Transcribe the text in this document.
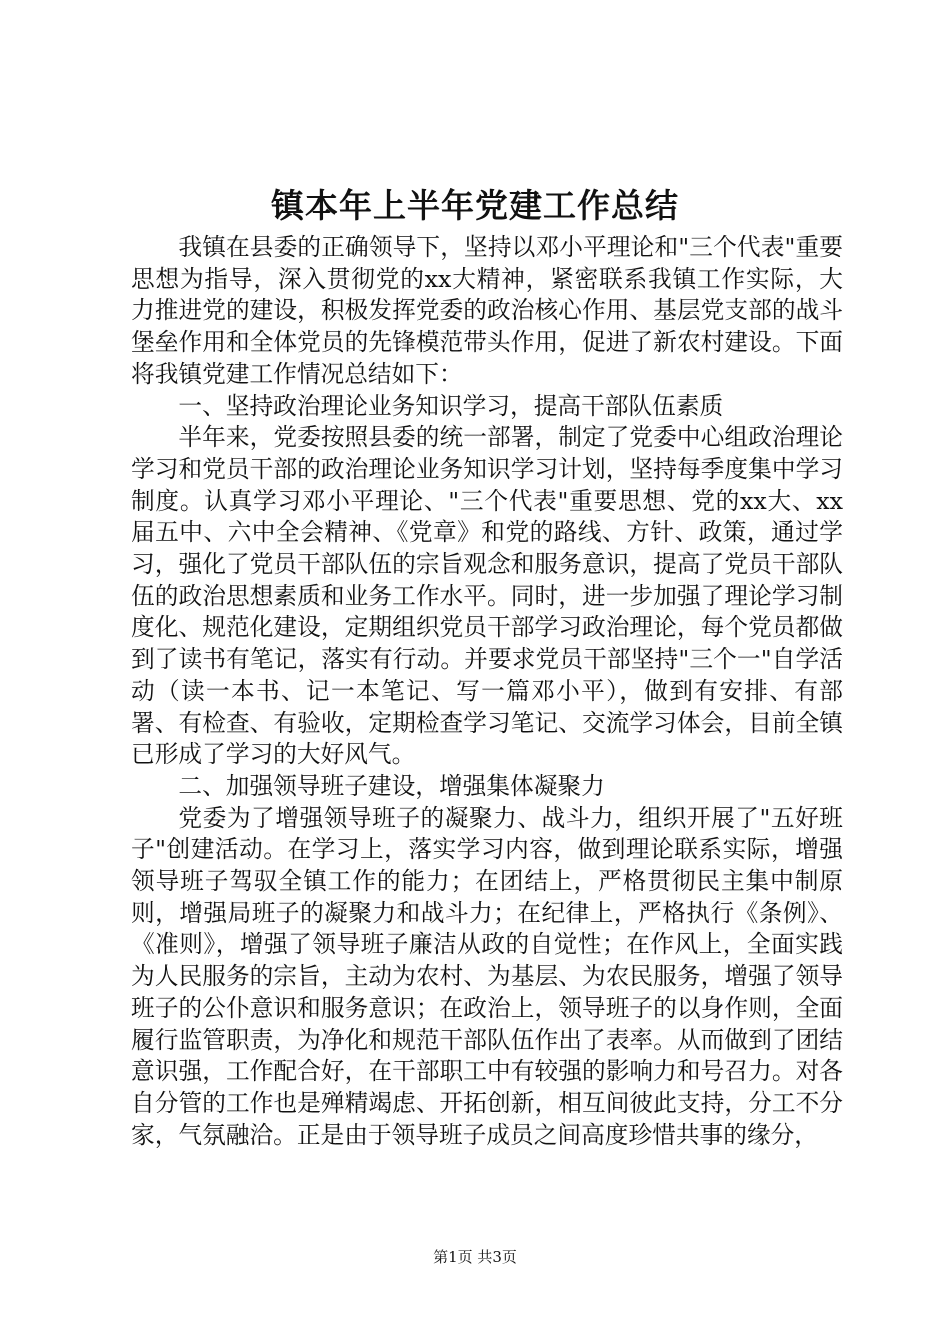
镇本年上半年党建工作总结

我镇在县委的正确领导下，坚持以邓小平理论和"三个代表"重要思想为指导，深入贯彻党的xx大精神，紧密联系我镇工作实际，大力推进党的建设，积极发挥党委的政治核心作用、基层党支部的战斗堡垒作用和全体党员的先锋模范带头作用，促进了新农村建设。下面将我镇党建工作情况总结如下：

一、坚持政治理论业务知识学习，提高干部队伍素质

半年来，党委按照县委的统一部署，制定了党委中心组政治理论学习和党员干部的政治理论业务知识学习计划，坚持每季度集中学习制度。认真学习邓小平理论、"三个代表"重要思想、党的xx大、xx届五中、六中全会精神、《党章》和党的路线、方针、政策，通过学习，强化了党员干部队伍的宗旨观念和服务意识，提高了党员干部队伍的政治思想素质和业务工作水平。同时，进一步加强了理论学习制度化、规范化建设，定期组织党员干部学习政治理论，每个党员都做到了读书有笔记，落实有行动。并要求党员干部坚持"三个一"自学活动（读一本书、记一本笔记、写一篇邓小平），做到有安排、有部署、有检查、有验收，定期检查学习笔记、交流学习体会，目前全镇已形成了学习的大好风气。

二、加强领导班子建设，增强集体凝聚力

党委为了增强领导班子的凝聚力、战斗力，组织开展了"五好班子"创建活动。在学习上，落实学习内容，做到理论联系实际，增强领导班子驾驭全镇工作的能力；在团结上，严格贯彻民主集中制原则，增强局班子的凝聚力和战斗力；在纪律上，严格执行《条例》、《准则》，增强了领导班子廉洁从政的自觉性；在作风上，全面实践为人民服务的宗旨，主动为农村、为基层、为农民服务，增强了领导班子的公仆意识和服务意识；在政治上，领导班子的以身作则，全面履行监管职责，为净化和规范干部队伍作出了表率。从而做到了团结意识强，工作配合好，在干部职工中有较强的影响力和号召力。对各自分管的工作也是殚精竭虑、开拓创新，相互间彼此支持，分工不分家，气氛融洽。正是由于领导班子成员之间高度珍惜共事的缘分，

第1页 共3页
